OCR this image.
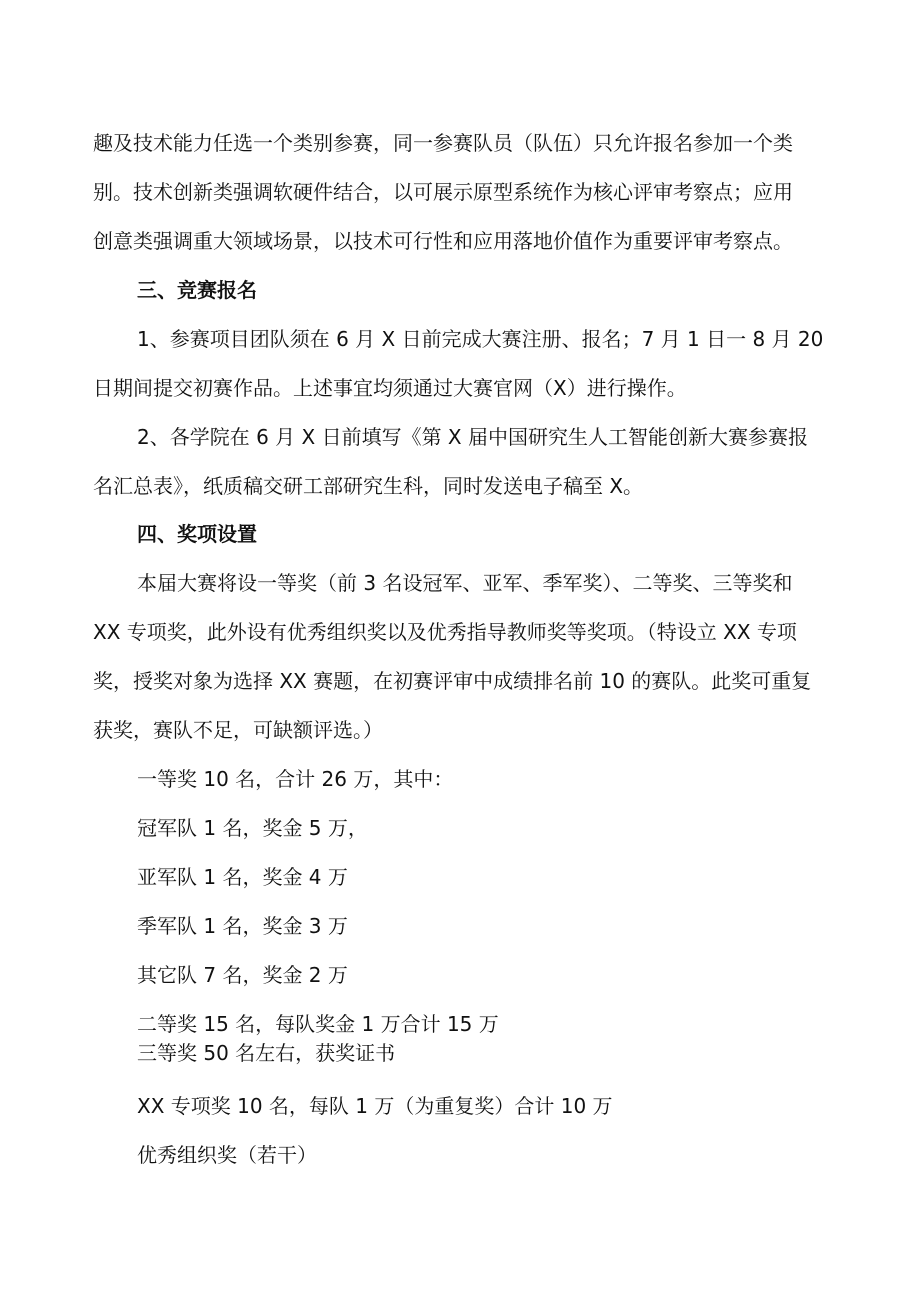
趣及技术能力任选一个类别参赛，同一参赛队员（队伍）只允许报名参加一个类
别。技术创新类强调软硬件结合，以可展示原型系统作为核心评审考察点；应用
创意类强调重大领域场景，以技术可行性和应用落地价值作为重要评审考察点。
三、竞赛报名
1、参赛项目团队须在 6 月 X 日前完成大赛注册、报名；7 月 1 日一 8 月 20
日期间提交初赛作品。上述事宜均须通过大赛官网（X）进行操作。
2、各学院在 6 月 X 日前填写《第 X 届中国研究生人工智能创新大赛参赛报
名汇总表》，纸质稿交研工部研究生科，同时发送电子稿至 X。
四、奖项设置
本届大赛将设一等奖（前 3 名设冠军、亚军、季军奖）、二等奖、三等奖和
XX 专项奖，此外设有优秀组织奖以及优秀指导教师奖等奖项。（特设立 XX 专项
奖，授奖对象为选择 XX 赛题，在初赛评审中成绩排名前 10 的赛队。此奖可重复
获奖，赛队不足，可缺额评选。）
一等奖 10 名，合计 26 万，其中：
冠军队 1 名，奖金 5 万，
亚军队 1 名，奖金 4 万
季军队 1 名，奖金 3 万
其它队 7 名，奖金 2 万
二等奖 15 名，每队奖金 1 万合计 15 万
三等奖 50 名左右，获奖证书
XX 专项奖 10 名，每队 1 万（为重复奖）合计 10 万
优秀组织奖（若干）
